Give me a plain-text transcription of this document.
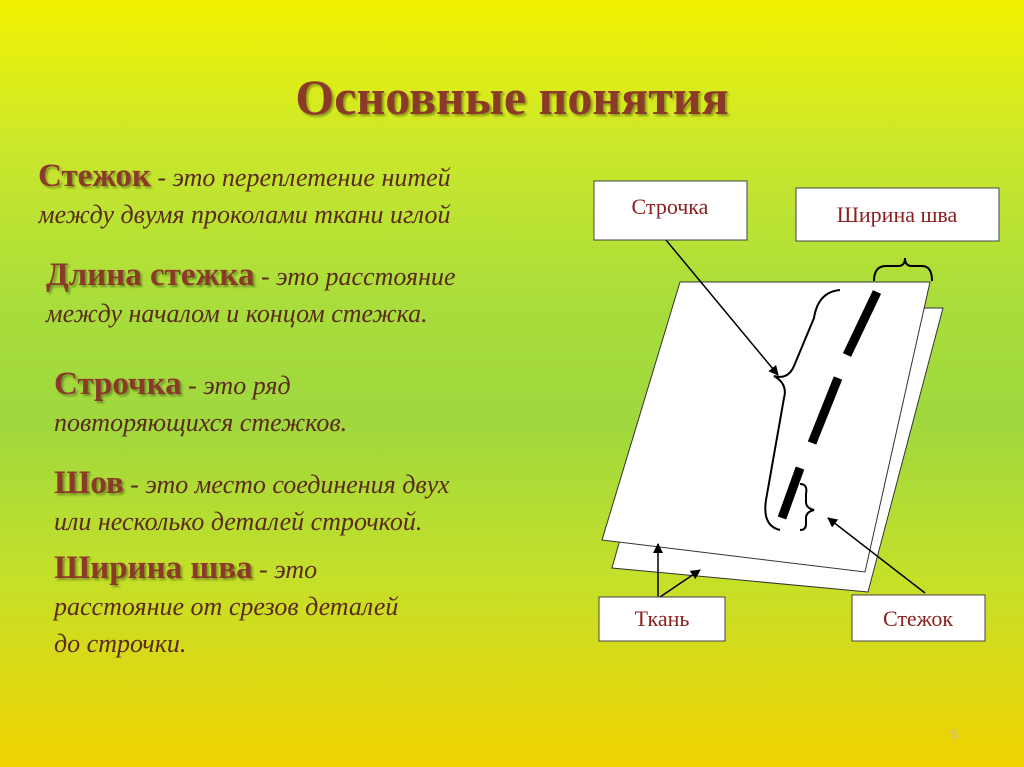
Основные понятия
Стежок - это переплетение нитей
между двумя проколами ткани иглой
Длина стежка - это расстояние
между началом и концом стежка.
Строчка - это ряд
повторяющихся стежков.
Шов - это место соединения двух
или несколько деталей строчкой.
Ширина шва - это
расстояние от срезов деталей
до строчки.
Строчка	Ширина шва
Ткань	Стежок
5
